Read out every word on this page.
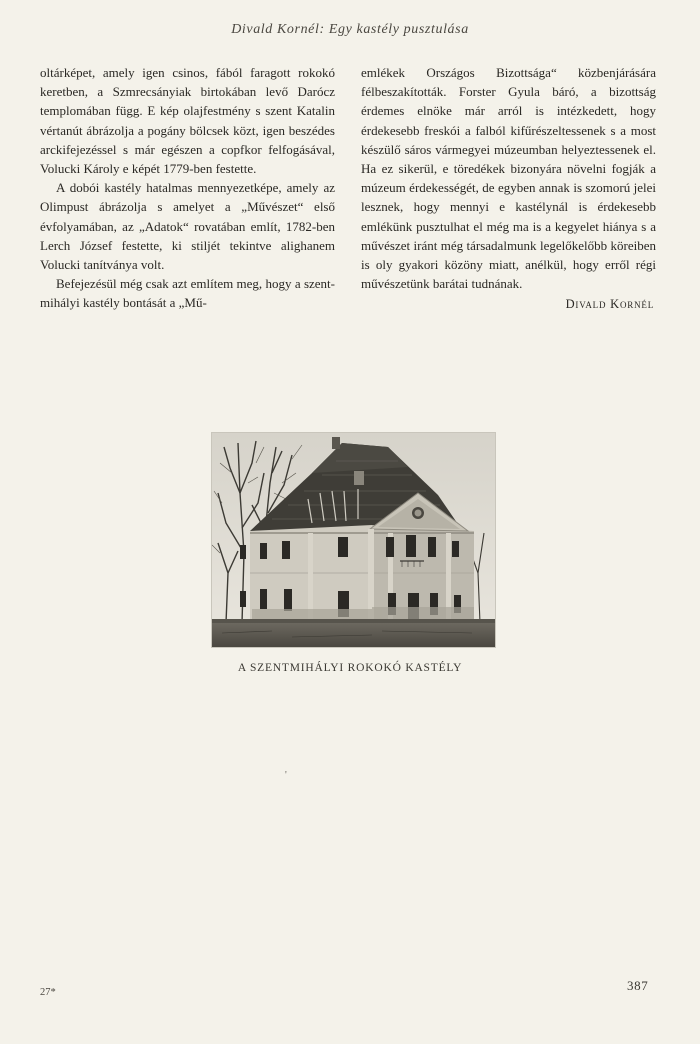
Divald Kornél: Egy kastély pusztulása

oltárképet, amely igen csinos, fából faragott rokokó keretben, a Szmrecsányiak birtokában levő Darócz templomában függ. E kép olajfestmény s szent Katalin vértanút ábrázolja a pogány bölcsek közt, igen beszédes arckifejezéssel s már egészen a copfkor felfogásával, Volucki Károly e képét 1779-ben festette.

A dobói kastély hatalmas mennyezetképe, amely az Olimpust ábrázolja s amelyet a „Művészet“ első évfolyamában, az „Adatok“ rovatában említ, 1782-ben Lerch József festette, ki stiljét tekintve alighanem Volucki tanítványa volt.

Befejezésül még csak azt említem meg, hogy a szent-mihályi kastély bontását a „Mű-

emlékek Országos Bizottsága“ közbenjárására félbeszakították. Forster Gyula báró, a bizottság érdemes elnöke már arról is intézkedett, hogy érdekesebb freskói a falból kifűrészeltessenek s a most készülő sáros vármegyei múzeumban helyeztessenek el. Ha ez sikerül, e töredékek bizonyára növelni fogják a múzeum érdekességét, de egyben annak is szomorú jelei lesznek, hogy mennyi e kastélynál is érdekesebb emlékünk pusztulhat el még ma is a kegyelet hiánya s a művészet iránt még társadalmunk legelőkelőbb köreiben is oly gyakori közöny miatt, anélkül, hogy erről régi művészetünk barátai tudnának.

Divald Kornél
A SZENTMIHÁLYI ROKOKÓ KASTÉLY
'
27*	387
